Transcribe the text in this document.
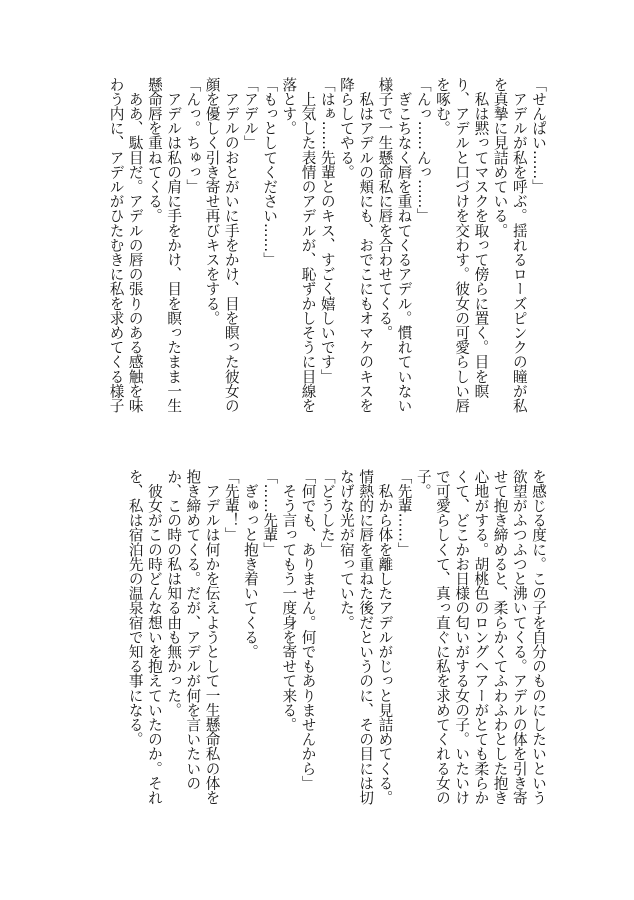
「せんぱい……」
　アデルが私を呼ぶ。揺れるローズピンクの瞳が私
を真摯に見詰めている。
　私は黙ってマスクを取って傍らに置く。目を瞑
り、アデルと口づけを交わす。彼女の可愛らしい唇
を啄む。
「んっ……んっ……」
　ぎこちなく唇を重ねてくるアデル。慣れていない
様子で一生懸命私に唇を合わせてくる。
　私はアデルの頬にも、おでこにもオマケのキスを
降らしてやる。
「はぁ……先輩とのキス、すごく嬉しいです」
　上気した表情のアデルが、恥ずかしそうに目線を
落とす。
「もっとしてください……」
「アデル」
　アデルのおとがいに手をかけ、目を瞑った彼女の
顔を優しく引き寄せ再びキスをする。
「んっ。ちゅっ」
　アデルは私の肩に手をかけ、目を瞑ったまま一生
懸命唇を重ねてくる。
　ああ、駄目だ。アデルの唇の張りのある感触を味
わう内に、アデルがひたむきに私を求めてくる様子
を感じる度に。この子を自分のものにしたいという
欲望がふつふつと沸いてくる。アデルの体を引き寄
せて抱き締めると、柔らかくてふわふわとした抱き
心地がする。胡桃色のロングヘアーがとても柔らか
くて、どこかお日様の匂いがする女の子。いたいけ
で可愛らしくて、真っ直ぐに私を求めてくれる女の
子。
「先輩……」
　私から体を離したアデルがじっと見詰めてくる。
情熱的に唇を重ねた後だというのに、その目には切
なげな光が宿っていた。
「どうした」
「何でも、ありません。何でもありませんから」
　そう言ってもう一度身を寄せて来る。
「……先輩」
　ぎゅっと抱き着いてくる。
「先輩！」
　アデルは何かを伝えようとして一生懸命私の体を
抱き締めてくる。だが、アデルが何を言いたいの
か、この時の私は知る由も無かった。
　彼女がこの時どんな想いを抱えていたのか。それ
を、私は宿泊先の温泉宿で知る事になる。
